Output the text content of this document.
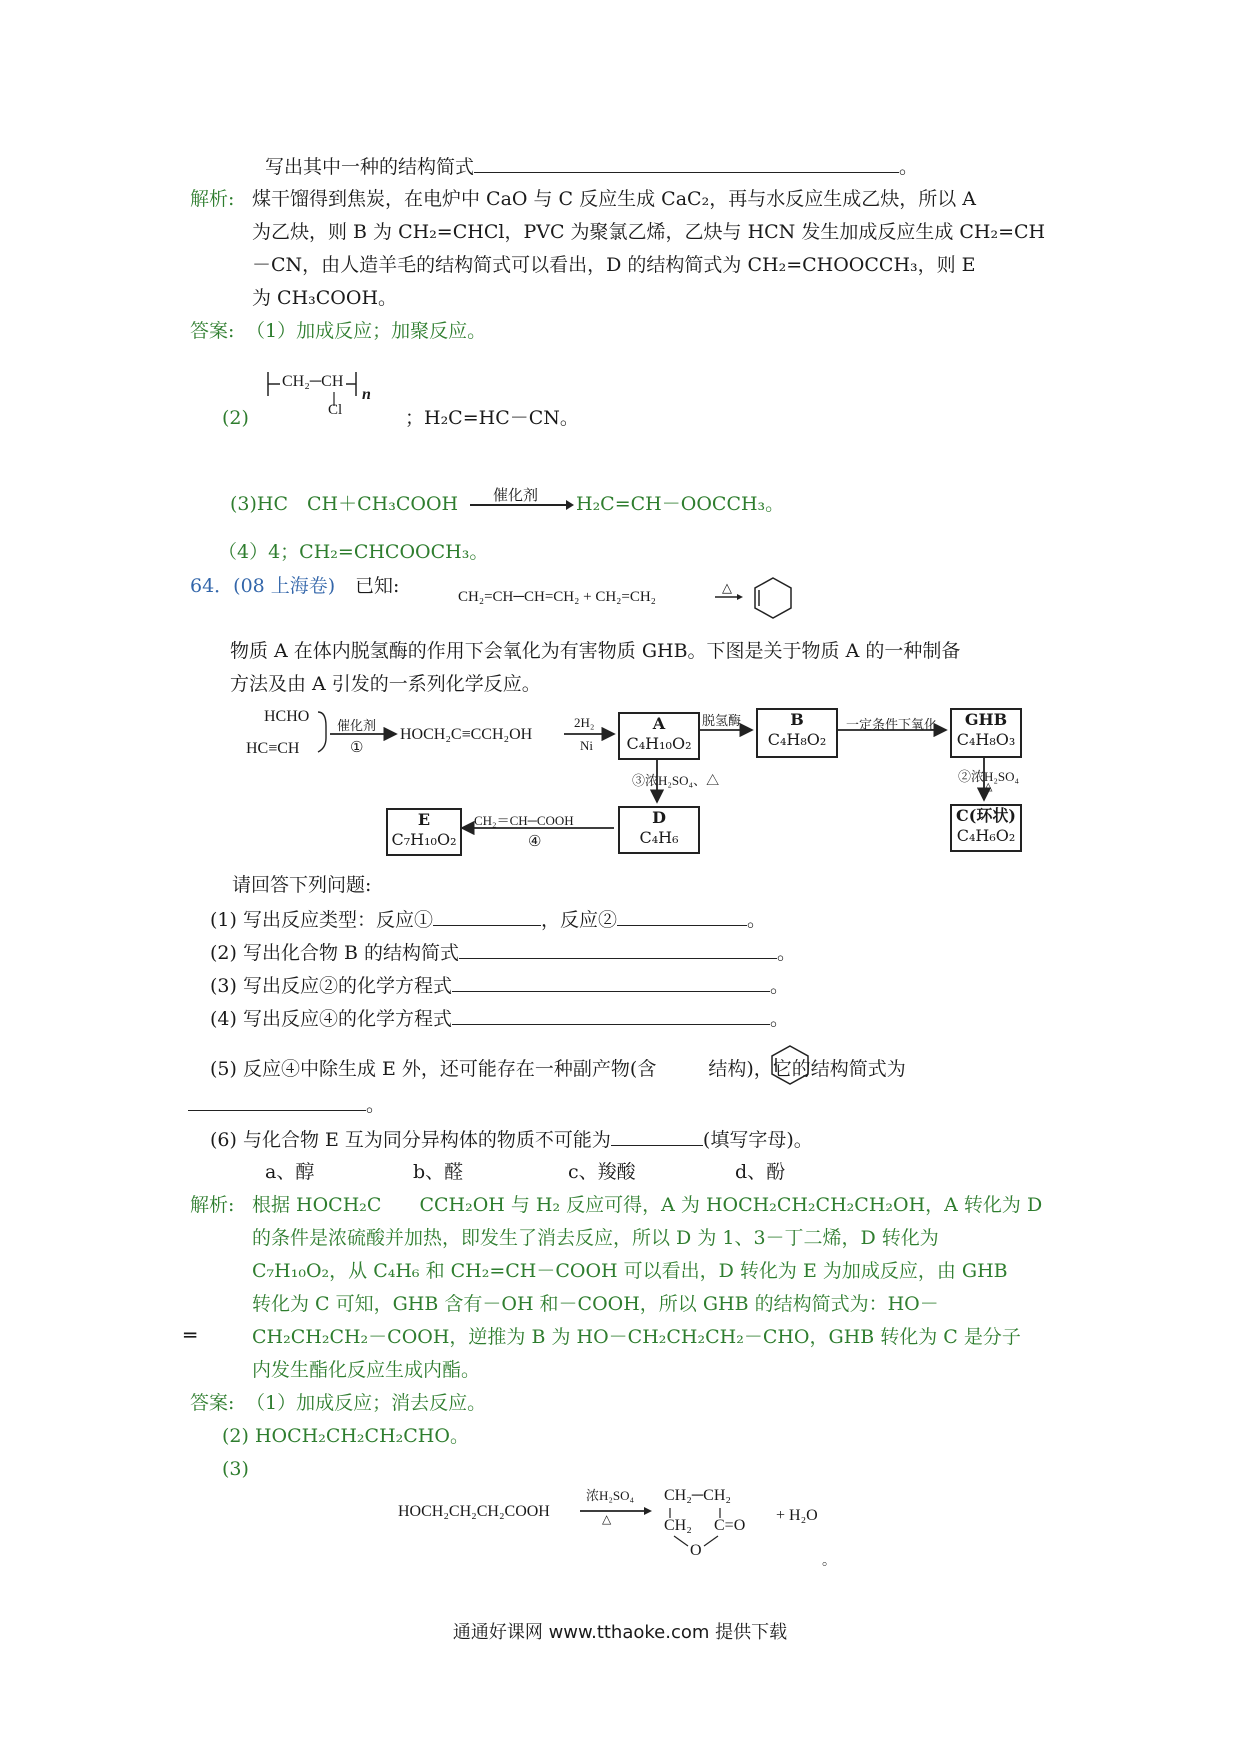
写出其中一种的结构简式	。
解析: 煤干馏得到焦炭，在电炉中 CaO 与 C 反应生成 CaC₂，再与水反应生成乙炔，所以 A
为乙炔，则 B 为 CH₂=CHCl，PVC 为聚氯乙烯，乙炔与 HCN 发生加成反应生成 CH₂=CH
－CN，由人造羊毛的结构简式可以看出，D 的结构简式为 CH₂=CHOOCCH₃，则 E
为 CH₃COOH。
答案: （1）加成反应；加聚反应。
CH₂─CH
Cl
n
(2)	；H₂C=HC－CN。
(3)HC　CH＋CH₃COOH 催化剂 H₂C=CH－OOCCH₃。
（4）4；CH₂=CHCOOCH₃。
64．(08 上海卷) 已知:	CH₂=CH─CH=CH₂ + CH₂=CH₂
△
物质 A 在体内脱氢酶的作用下会氧化为有害物质 GHB。下图是关于物质 A 的一种制备
方法及由 A 引发的一系列化学反应。
HCHO
HC≡CH
催化剂
①
HOCH₂C≡CCH₂OH
2H₂
Ni
A
C₄H₁₀O₂
脱氢酶	B
C₄H₈O₂
一定条件下氧化	GHB
C₄H₈O₃
③浓H₂SO₄、△	②浓H₂SO₄
△
D
C₄H₆
C(环状)
C₄H₆O₂
CH₂＝CH─COOH
④
E
C₇H₁₀O₂
请回答下列问题:
(1) 写出反应类型：反应①	，反应②	。
(2) 写出化合物 B 的结构简式	。
(3) 写出反应②的化学方程式	。
(4) 写出反应④的化学方程式	。
(5) 反应④中除生成 E 外，还可能存在一种副产物(含	结构)，它的结构简式为
。
(6) 与化合物 E 互为同分异构体的物质不可能为	(填写字母)。
a、醇	b、醛	c、羧酸	d、酚
解析: 根据 HOCH₂C　　CCH₂OH 与 H₂ 反应可得，A 为 HOCH₂CH₂CH₂CH₂OH，A 转化为 D
的条件是浓硫酸并加热，即发生了消去反应，所以 D 为 1、3－丁二烯，D 转化为
C₇H₁₀O₂，从 C₄H₆ 和 CH₂=CH－COOH 可以看出，D 转化为 E 为加成反应，由 GHB
转化为 C 可知，GHB 含有－OH 和－COOH，所以 GHB 的结构简式为：HO－
═	CH₂CH₂CH₂－COOH，逆推为 B 为 HO－CH₂CH₂CH₂－CHO，GHB 转化为 C 是分子
内发生酯化反应生成内酯。
答案: （1）加成反应；消去反应。
(2) HOCH₂CH₂CH₂CHO。
(3)
HOCH₂CH₂CH₂COOH
浓H₂SO₄
△
CH₂─CH₂
CH₂ C=O
O
+ H₂O
。
通通好课网 www.tthaoke.com 提供下载
